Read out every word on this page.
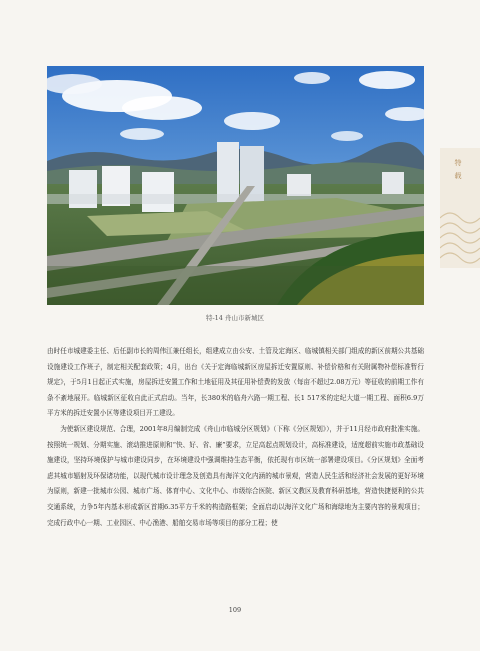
特载
特-14 舟山市新城区

由时任市城建委主任、后任副市长的周伟江兼任组长，组建成立由公安、土管及定海区、临城镇相关部门组成的新区前期公共基础设施建设工作班子，制定相关配套政策；4月，出台《关于定海临城新区房屋拆迁安置原则、补偿价格和有关附属物补偿标准暂行规定》，于5月1日起正式实施，房屋拆迁安置工作和土地征用及其征用补偿费的发放（每亩不超过2.08万元）等征收的前期工作有条不紊地展开。临城新区征收自此正式启动。当年，长380米的临舟六路一期工程、长1 517米的定纪大道一期工程、面积6.9万平方米的拆迁安置小区等建设项目开工建设。

为使新区建设规范、合理，2001年8月编制完成《舟山市临城分区规划》（下称《分区规划》），并于11月经市政府批准实施。按照统一规划、分期实施、滚动推进原则和“快、好、省、廉”要求，立足高起点规划设计，高标准建设，适度超前实施市政基础设施建设，坚持环境保护与城市建设同步，在环境建设中强调维持生态平衡，依托现有市区统一部署建设项目。《分区规划》全面考虑其城市辐射及环保诸功能，以现代城市设计理念及创造具有海洋文化内涵的城市景观，营造人民生活和经济社会发展的更好环境为原则，新建一批城市公园、城市广场、体育中心、文化中心、市级综合医院、新区文教区及教育科研基地，营造快捷便利的公共交通系统，力争5年内基本形成新区首期6.35平方千米的构造路框架；全面启动以海洋文化广场和海绿地为主要内容的景观项目；完成行政中心一期、工业园区、中心渔港、船舶交易市场等项目的部分工程；使

109
